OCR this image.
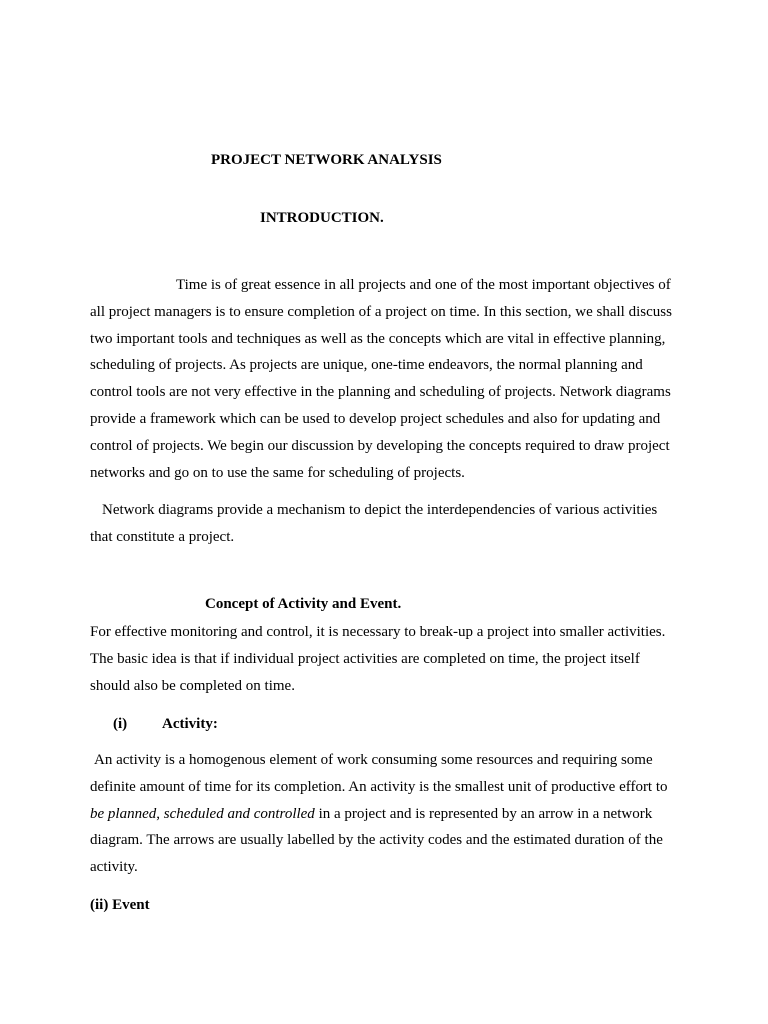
PROJECT NETWORK ANALYSIS
INTRODUCTION.

Time is of great essence in all projects and one of the most important objectives of all project managers is to ensure completion of a project on time. In this section, we shall discuss two important tools and techniques as well as the concepts which are vital in effective planning, scheduling of projects. As projects are unique, one-time endeavors, the normal planning and control tools are not very effective in the planning and scheduling of projects. Network diagrams provide a framework which can be used to develop project schedules and also for updating and control of projects. We begin our discussion by developing the concepts required to draw project networks and go on to use the same for scheduling of projects.

Network diagrams provide a mechanism to depict the interdependencies of various activities that constitute a project.

Concept of Activity and Event.

For effective monitoring and control, it is necessary to break-up a project into smaller activities. The basic idea is that if individual project activities are completed on time, the project itself should also be completed on time.

(i) Activity:

An activity is a homogenous element of work consuming some resources and requiring some definite amount of time for its completion. An activity is the smallest unit of productive effort to be planned, scheduled and controlled in a project and is represented by an arrow in a network diagram. The arrows are usually labelled by the activity codes and the estimated duration of the activity.

(ii) Event
